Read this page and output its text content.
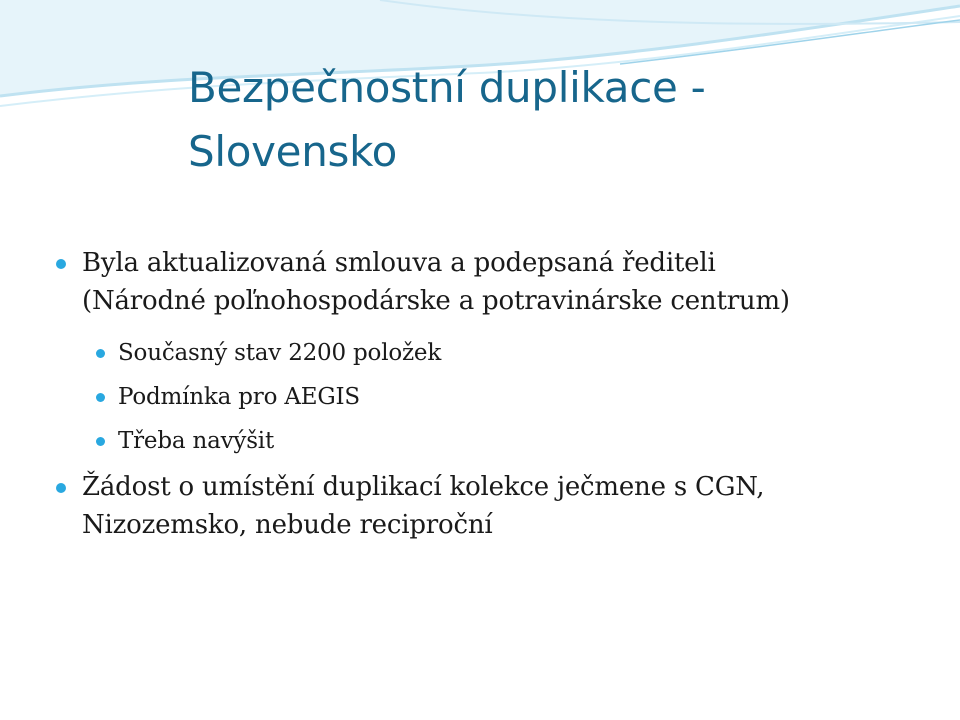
Bezpečnostní duplikace -
Slovensko
Byla aktualizovaná smlouva a podepsaná řediteli
(Národné poľnohospodárske a potravinárske centrum)
Současný stav 2200 položek
Podmínka pro AEGIS
Třeba navýšit
Žádost o umístění duplikací kolekce ječmene s CGN,
Nizozemsko, nebude reciproční
